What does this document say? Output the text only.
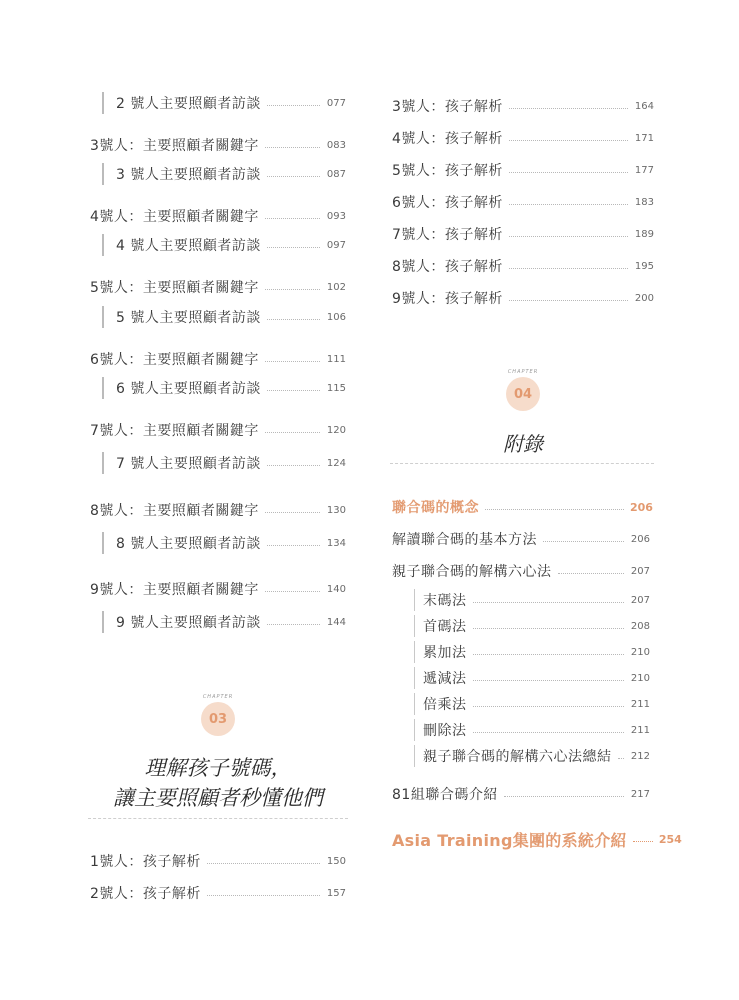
2 號人主要照顧者訪談	077
3號人：主要照顧者關鍵字	083
3 號人主要照顧者訪談	087
4號人：主要照顧者關鍵字	093
4 號人主要照顧者訪談	097
5號人：主要照顧者關鍵字	102
5 號人主要照顧者訪談	106
6號人：主要照顧者關鍵字	111
6 號人主要照顧者訪談	115
7號人：主要照顧者關鍵字	120
7 號人主要照顧者訪談	124
8號人：主要照顧者關鍵字	130
8 號人主要照顧者訪談	134
9號人：主要照顧者關鍵字	140
9 號人主要照顧者訪談	144
CHAPTER
03
理解孩子號碼，
讓主要照顧者秒懂他們
1號人：孩子解析	150
2號人：孩子解析	157
3號人：孩子解析	164
4號人：孩子解析	171
5號人：孩子解析	177
6號人：孩子解析	183
7號人：孩子解析	189
8號人：孩子解析	195
9號人：孩子解析	200
CHAPTER
04
附錄
聯合碼的概念	206
解讀聯合碼的基本方法	206
親子聯合碼的解構六心法	207
末碼法	207
首碼法	208
累加法	210
遞減法	210
倍乘法	211
刪除法	211
親子聯合碼的解構六心法總結 212
81組聯合碼介紹	217
Asia Training集團的系統介紹	254
